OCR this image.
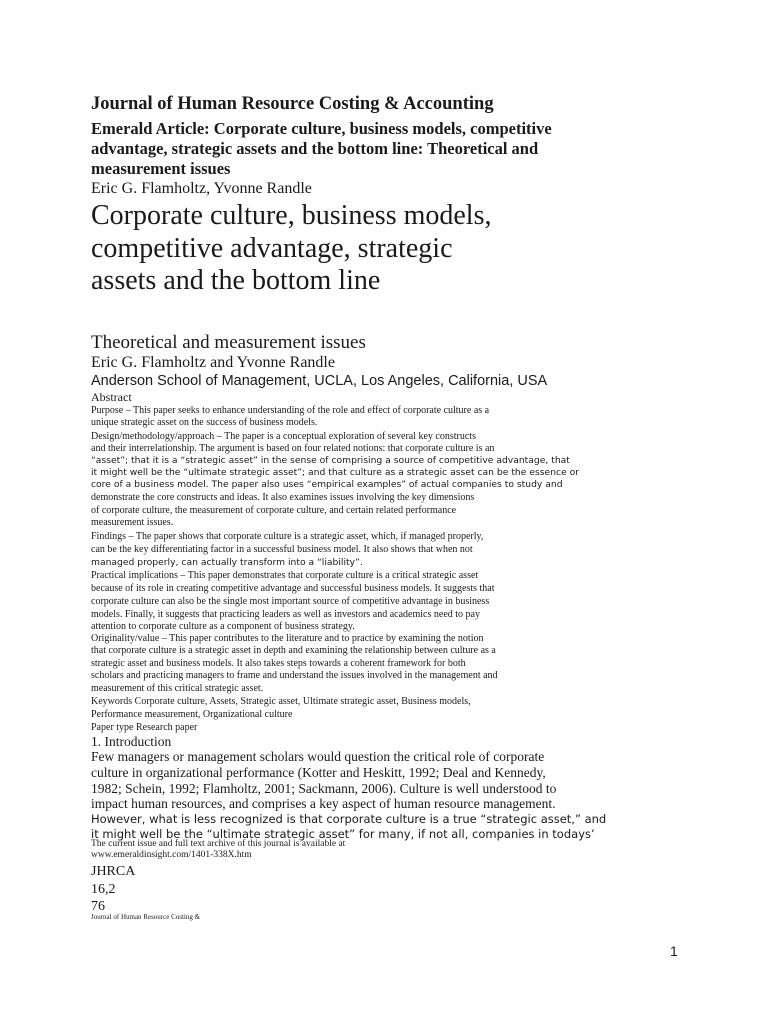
Journal of Human Resource Costing & Accounting
Emerald Article: Corporate culture, business models, competitive advantage, strategic assets and the bottom line: Theoretical and measurement issues
Eric G. Flamholtz, Yvonne Randle
Corporate culture, business models, competitive advantage, strategic assets and the bottom line
Theoretical and measurement issues
Eric G. Flamholtz and Yvonne Randle
Anderson School of Management, UCLA, Los Angeles, California, USA
Abstract
Purpose – This paper seeks to enhance understanding of the role and effect of corporate culture as a
unique strategic asset on the success of business models.
Design/methodology/approach – The paper is a conceptual exploration of several key constructs
and their interrelationship. The argument is based on four related notions: that corporate culture is an
“asset”; that it is a “strategic asset” in the sense of comprising a source of competitive advantage, that
it might well be the “ultimate strategic asset”; and that culture as a strategic asset can be the essence or
core of a business model. The paper also uses “empirical examples” of actual companies to study and
demonstrate the core constructs and ideas. It also examines issues involving the key dimensions
of corporate culture, the measurement of corporate culture, and certain related performance
measurement issues.
Findings – The paper shows that corporate culture is a strategic asset, which, if managed properly,
can be the key differentiating factor in a successful business model. It also shows that when not
managed properly, can actually transform into a “liability”.
Practical implications – This paper demonstrates that corporate culture is a critical strategic asset
because of its role in creating competitive advantage and successful business models. It suggests that
corporate culture can also be the single most important source of competitive advantage in business
models. Finally, it suggests that practicing leaders as well as investors and academics need to pay
attention to corporate culture as a component of business strategy.
Originality/value – This paper contributes to the literature and to practice by examining the notion
that corporate culture is a strategic asset in depth and examining the relationship between culture as a
strategic asset and business models. It also takes steps towards a coherent framework for both
scholars and practicing managers to frame and understand the issues involved in the management and
measurement of this critical strategic asset.
Keywords Corporate culture, Assets, Strategic asset, Ultimate strategic asset, Business models,
Performance measurement, Organizational culture
Paper type Research paper
1. Introduction
Few managers or management scholars would question the critical role of corporate
culture in organizational performance (Kotter and Heskitt, 1992; Deal and Kennedy,
1982; Schein, 1992; Flamholtz, 2001; Sackmann, 2006). Culture is well understood to
impact human resources, and comprises a key aspect of human resource management.
However, what is less recognized is that corporate culture is a true “strategic asset,” and
it might well be the “ultimate strategic asset” for many, if not all, companies in todays’
The current issue and full text archive of this journal is available at
www.emeraldinsight.com/1401-338X.htm
JHRCA
16,2
76
Journal of Human Resource Costing &
1
